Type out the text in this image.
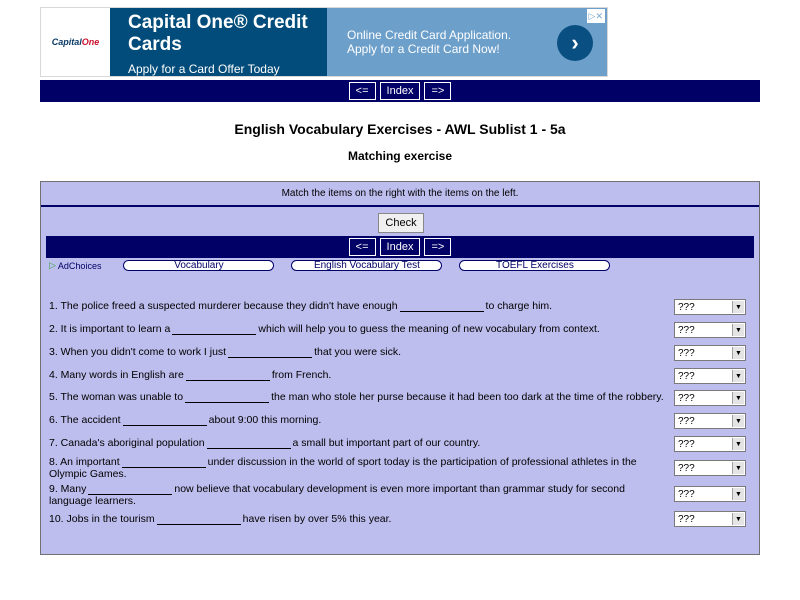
CapitalOne
Capital One® Credit Cards
Apply for a Card Offer Today
Online Credit Card Application. Apply for a Credit Card Now!	›
▷✕
<=	Index	=>
English Vocabulary Exercises - AWL Sublist 1 - 5a
Matching exercise
Match the items on the right with the items on the left.
Check
▷ AdChoices	Vocabulary	English Vocabulary Test	TOEFL Exercises
1. The police freed a suspected murderer because they didn't have enough	to charge him.	???	▼
2. It is important to learn a	which will help you to guess the meaning of new vocabulary from context.	???	▼
3. When you didn't come to work I just	that you were sick.	???	▼
4. Many words in English are	from French.	???	▼
5. The woman was unable to	the man who stole her purse because it had been too dark at the time of the robbery.	???	▼
6. The accident	about 9:00 this morning.	???	▼
7. Canada's aboriginal population	a small but important part of our country.	???	▼
8. An important	under discussion in the world of sport today is the participation of professional athletes in the Olympic Games.	???	▼
9. Many	now believe that vocabulary development is even more important than grammar study for second language learners.
???	▼
10. Jobs in the tourism	have risen by over 5% this year.	???	▼
<=	Index	=>
